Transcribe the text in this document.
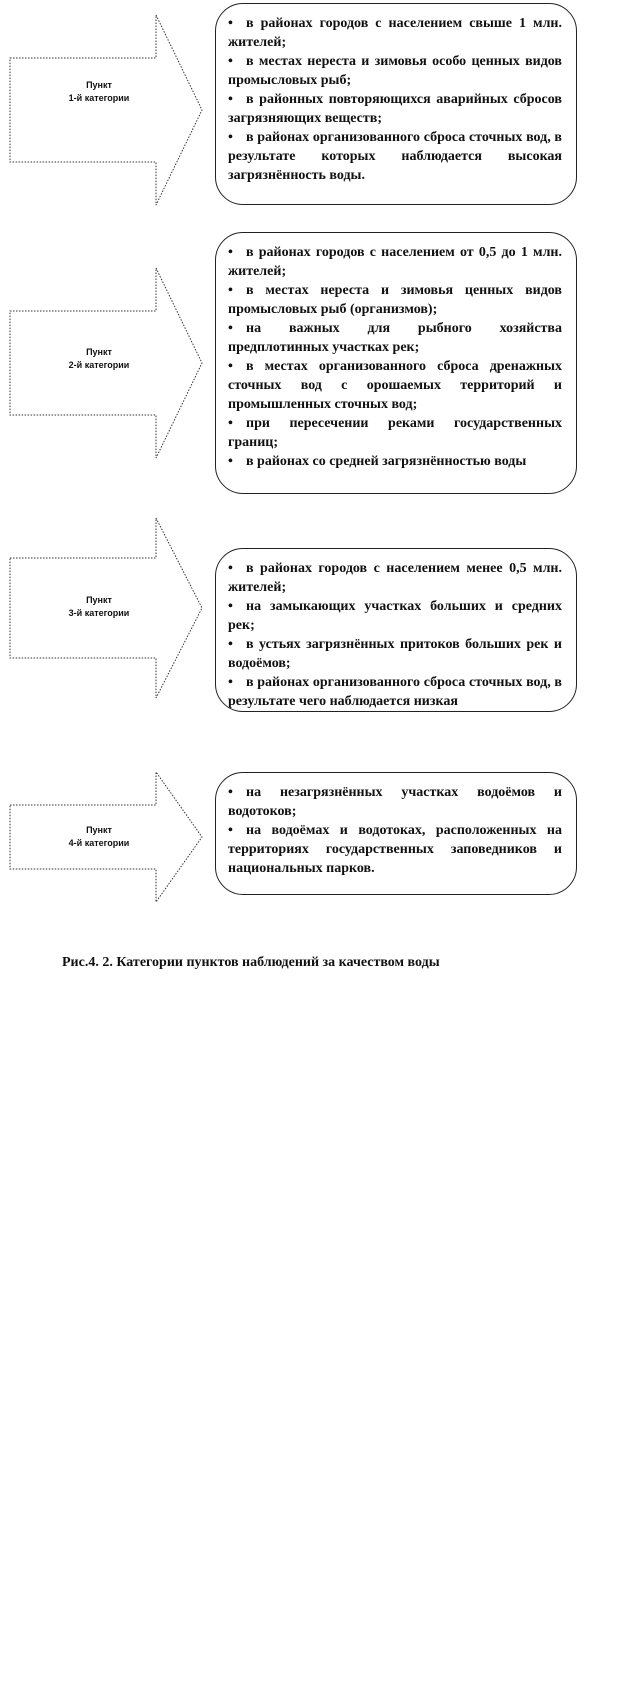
Пункт
1-й категории

• в районах городов с населением свыше 1 млн. жителей;

• в местах нереста и зимовья особо ценных видов промысловых рыб;

• в районных повторяющихся аварийных сбросов загрязняющих веществ;

• в районах организованного сброса сточных вод, в результате которых наблюдается высокая загрязнённость воды.

Пункт
2-й категории

• в районах городов с населением от 0,5 до 1 млн. жителей;

• в местах нереста и зимовья ценных видов промысловых рыб (организмов);

• на важных для рыбного хозяйства предплотинных участках рек;

• в местах организованного сброса дренажных сточных вод с орошаемых территорий и промышленных сточных вод;

• при пересечении реками государственных границ;

• в районах со средней загрязнённостью воды

Пункт
3-й категории

• в районах городов с населением менее 0,5 млн. жителей;

• на замыкающих участках больших и средних рек;

• в устьях загрязнённых притоков больших рек и водоёмов;

• в районах организованного сброса сточных вод, в результате чего наблюдается низкая

Пункт
4-й категории

• на незагрязнённых участках водоёмов и водотоков;

• на водоёмах и водотоках, расположенных на территориях государственных заповедников и национальных парков.

Рис.4. 2. Категории пунктов наблюдений за качеством воды
